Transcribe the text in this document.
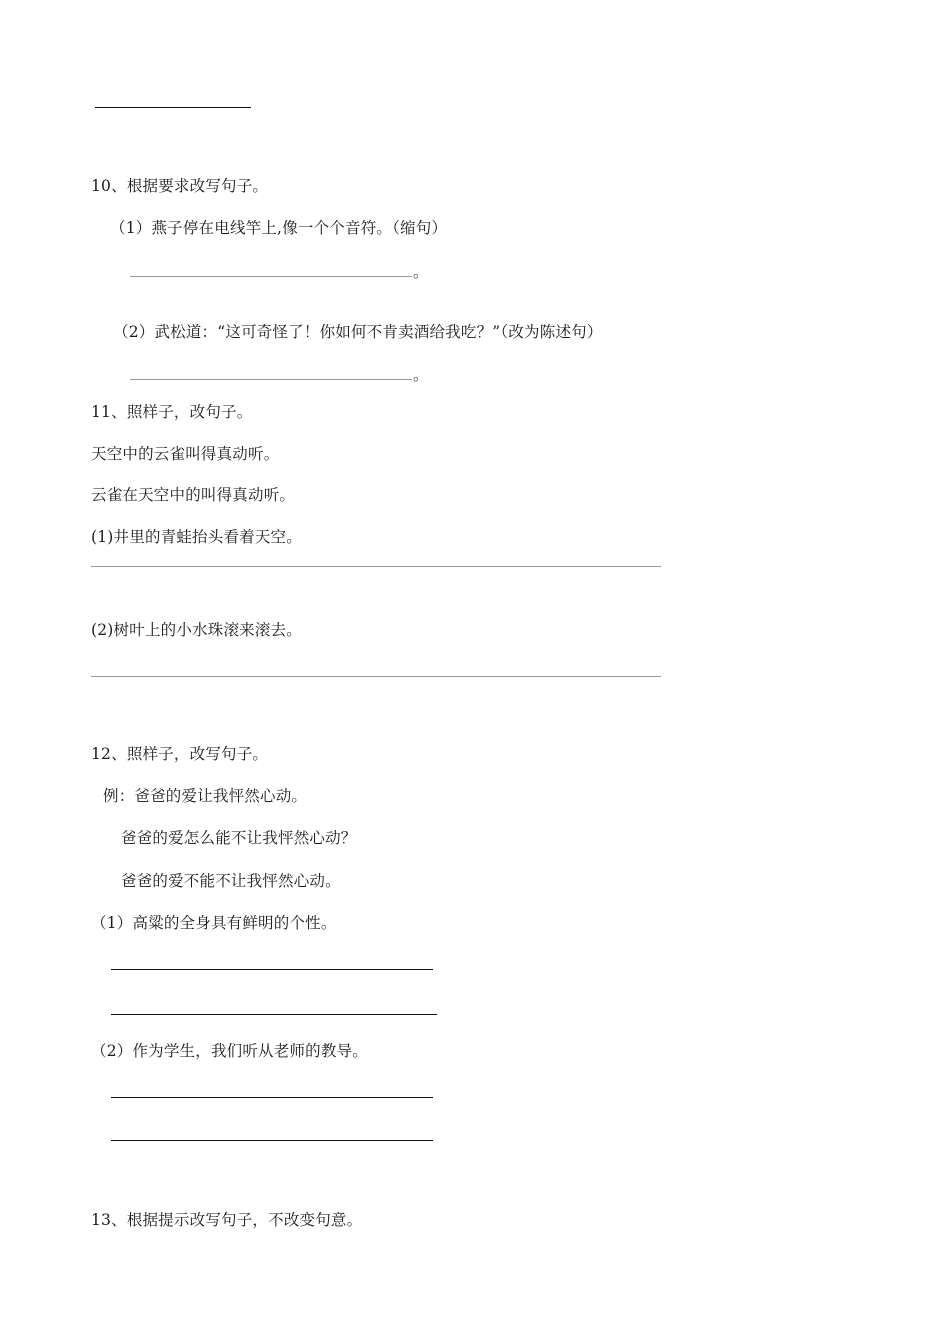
10、根据要求改写句子。
（1）燕子停在电线竿上,像一个个音符。（缩句）
。
（2）武松道：“这可奇怪了！你如何不肯卖酒给我吃？”（改为陈述句）
。
11、照样子，改句子。
天空中的云雀叫得真动听。
云雀在天空中的叫得真动听。
(1)井里的青蛙抬头看着天空。
(2)树叶上的小水珠滚来滚去。
12、照样子，改写句子。
例：爸爸的爱让我怦然心动。
爸爸的爱怎么能不让我怦然心动？
爸爸的爱不能不让我怦然心动。
（1）高粱的全身具有鲜明的个性。
（2）作为学生，我们听从老师的教导。
13、根据提示改写句子，不改变句意。
